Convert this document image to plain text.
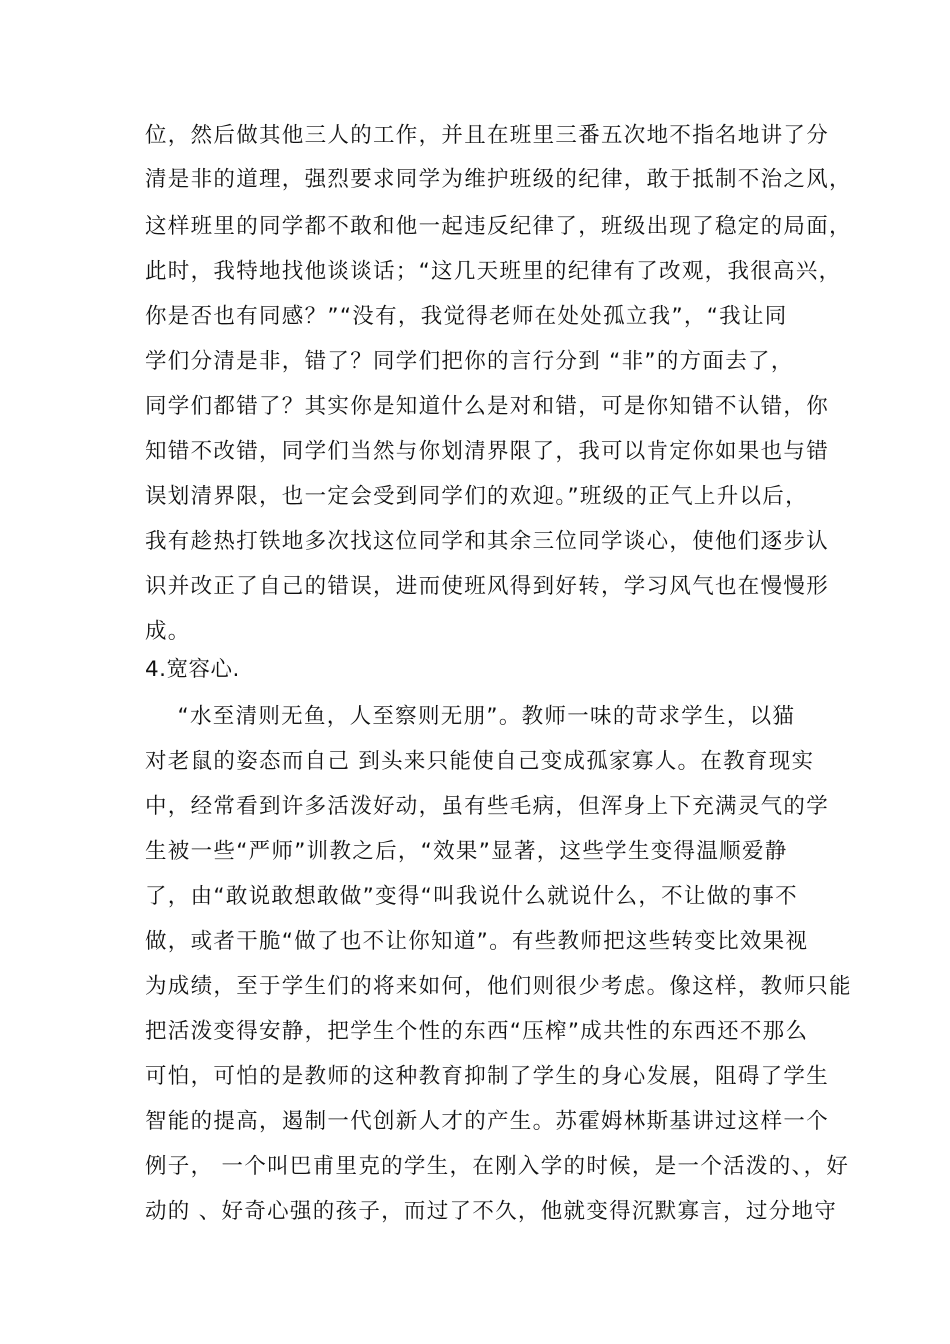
位，然后做其他三人的工作，并且在班里三番五次地不指名地讲了分
清是非的道理，强烈要求同学为维护班级的纪律，敢于抵制不治之风，
这样班里的同学都不敢和他一起违反纪律了，班级出现了稳定的局面，
此时，我特地找他谈谈话；“这几天班里的纪律有了改观，我很高兴，
你是否也有同感？”“没有，我觉得老师在处处孤立我”，“我让同
学们分清是非，错了？同学们把你的言行分到 “非”的方面去了，
同学们都错了？其实你是知道什么是对和错，可是你知错不认错，你
知错不改错，同学们当然与你划清界限了，我可以肯定你如果也与错
误划清界限，也一定会受到同学们的欢迎。”班级的正气上升以后，
我有趁热打铁地多次找这位同学和其余三位同学谈心，使他们逐步认
识并改正了自己的错误，进而使班风得到好转，学习风气也在慢慢形
成。
4.宽容心.
“水至清则无鱼，人至察则无朋”。教师一味的苛求学生，以猫
对老鼠的姿态而自己 到头来只能使自己变成孤家寡人。在教育现实
中，经常看到许多活泼好动，虽有些毛病，但浑身上下充满灵气的学
生被一些“严师”训教之后，“效果”显著，这些学生变得温顺爱静
了，由“敢说敢想敢做”变得“叫我说什么就说什么，不让做的事不
做，或者干脆“做了也不让你知道”。有些教师把这些转变比效果视
为成绩，至于学生们的将来如何，他们则很少考虑。像这样，教师只能
把活泼变得安静，把学生个性的东西“压榨”成共性的东西还不那么
可怕，可怕的是教师的这种教育抑制了学生的身心发展，阻碍了学生
智能的提高，遏制一代创新人才的产生。苏霍姆林斯基讲过这样一个
例子， 一个叫巴甫里克的学生，在刚入学的时候，是一个活泼的、，好
动的 、好奇心强的孩子，而过了不久，他就变得沉默寡言，过分地守
